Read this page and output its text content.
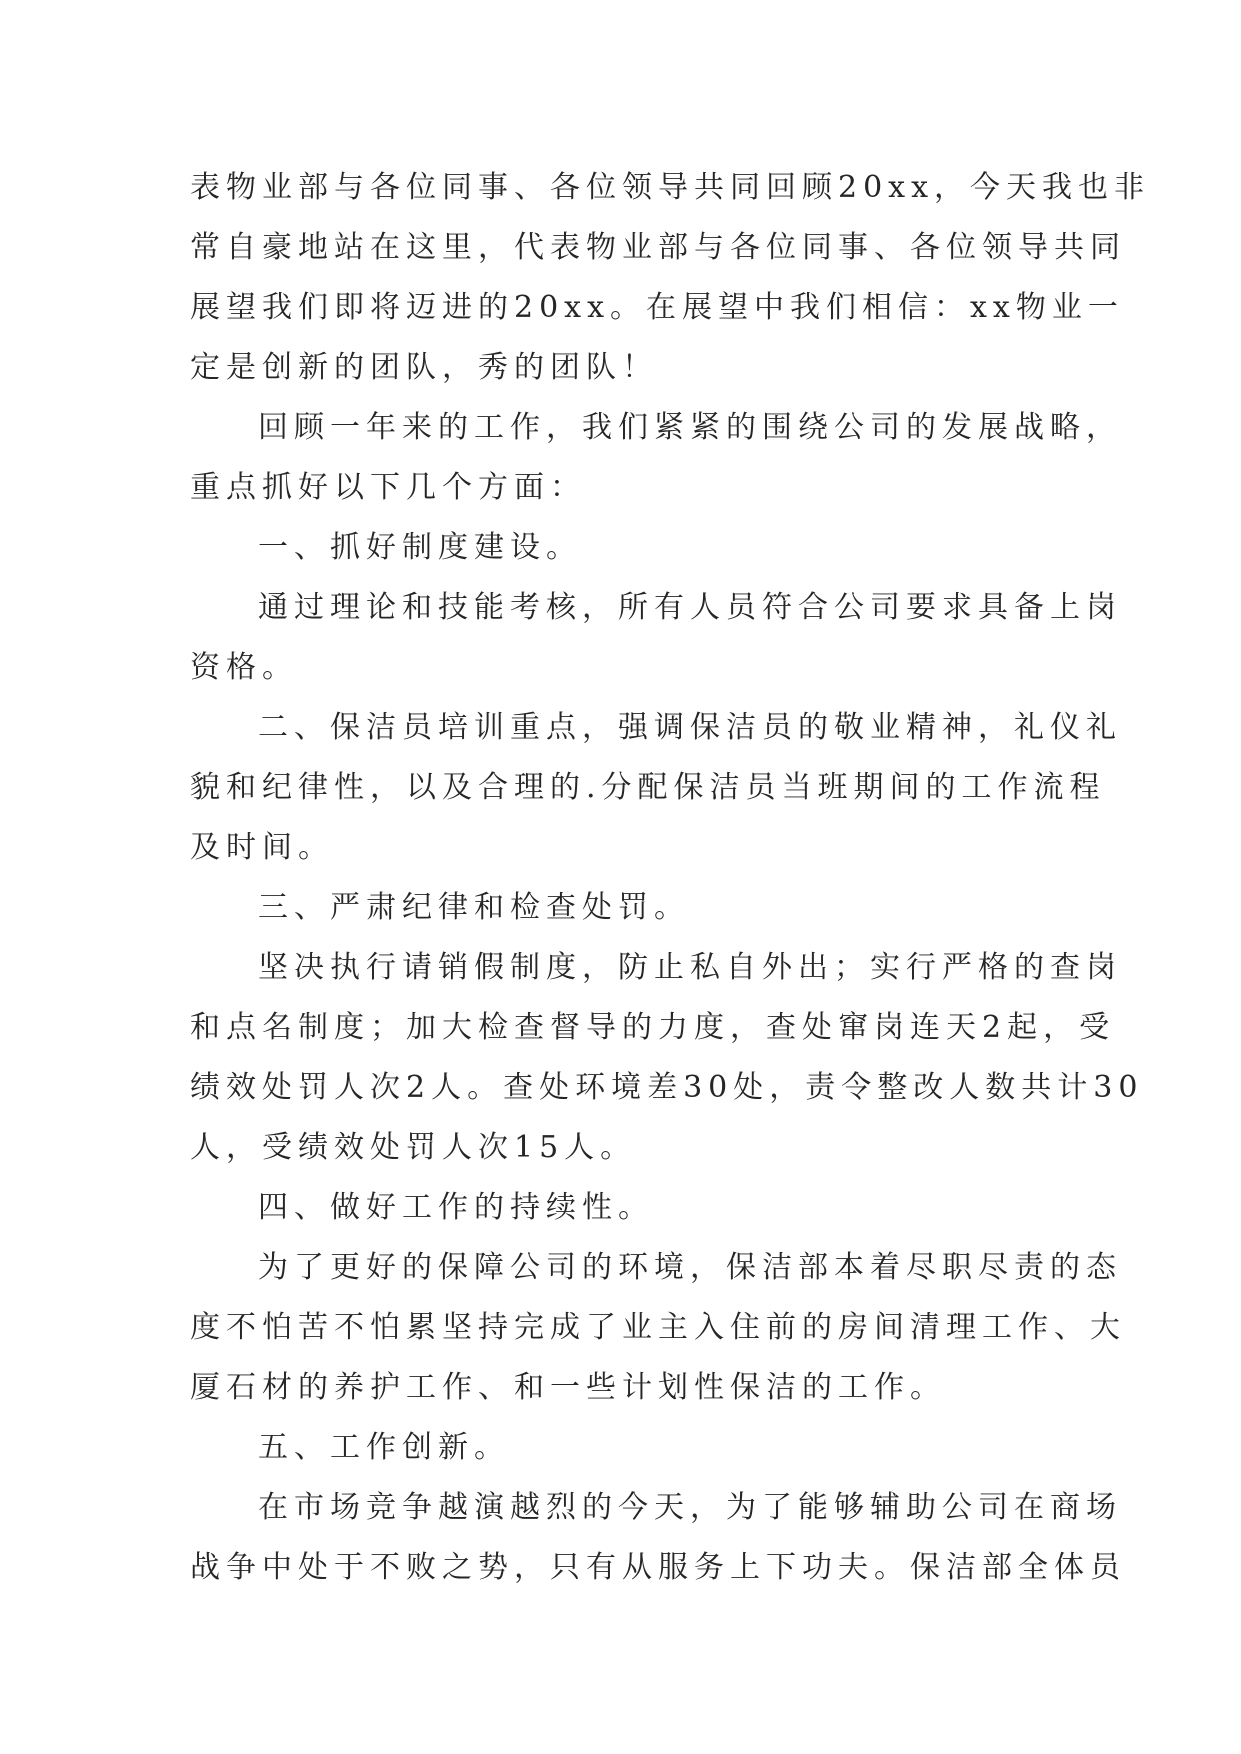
表物业部与各位同事、各位领导共同回顾20xx，今天我也非
常自豪地站在这里，代表物业部与各位同事、各位领导共同
展望我们即将迈进的20xx。在展望中我们相信：xx物业一
定是创新的团队，秀的团队！
回顾一年来的工作，我们紧紧的围绕公司的发展战略，
重点抓好以下几个方面：
一、抓好制度建设。
通过理论和技能考核，所有人员符合公司要求具备上岗
资格。
二、保洁员培训重点，强调保洁员的敬业精神，礼仪礼
貌和纪律性，以及合理的.分配保洁员当班期间的工作流程
及时间。
三、严肃纪律和检查处罚。
坚决执行请销假制度，防止私自外出；实行严格的查岗
和点名制度；加大检查督导的力度，查处窜岗连天2起，受
绩效处罚人次2人。查处环境差30处，责令整改人数共计30
人，受绩效处罚人次15人。
四、做好工作的持续性。
为了更好的保障公司的环境，保洁部本着尽职尽责的态
度不怕苦不怕累坚持完成了业主入住前的房间清理工作、大
厦石材的养护工作、和一些计划性保洁的工作。
五、工作创新。
在市场竞争越演越烈的今天，为了能够辅助公司在商场
战争中处于不败之势，只有从服务上下功夫。保洁部全体员
